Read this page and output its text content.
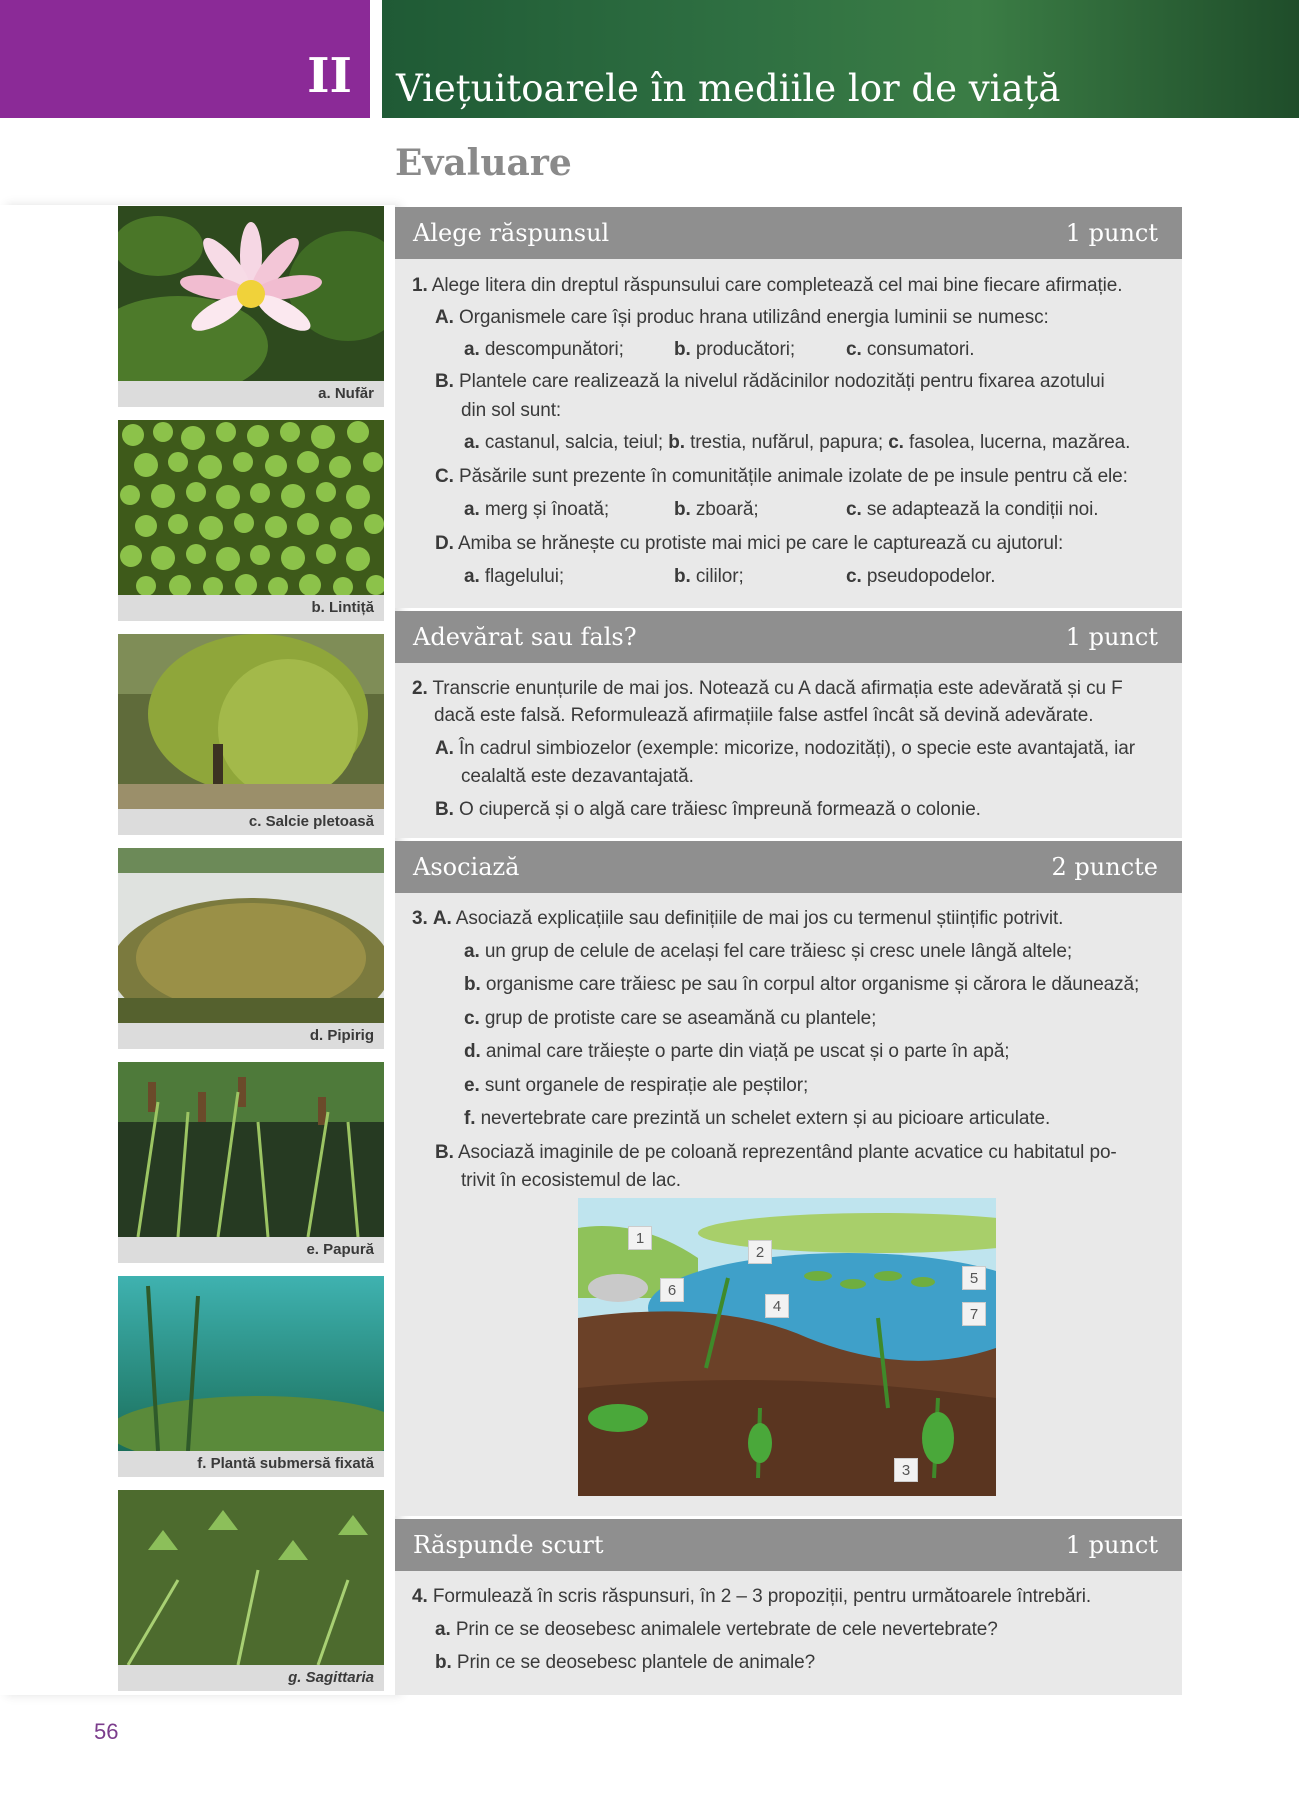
II Viețuitoarele în mediile lor de viață
Evaluare
a. Nufăr
b. Lintiță
c. Salcie pletoasă
d. Pipirig
e. Papură
f. Plantă submersă fixată
g. Sagittaria
Alege răspunsul	1 punct
1. Alege litera din dreptul răspunsului care completează cel mai bine fiecare afirmație.
A. Organismele care își produc hrana utilizând energia luminii se numesc:
a. descompunători;	b. producători;	c. consumatori.
B. Plantele care realizează la nivelul rădăcinilor nodozități pentru fixarea azotului
din sol sunt:
a. castanul, salcia, teiul; b. trestia, nufărul, papura; c. fasolea, lucerna, mazărea.
C. Păsările sunt prezente în comunitățile animale izolate de pe insule pentru că ele:
a. merg și înoată;	b. zboară;	c. se adaptează la condiții noi.
D. Amiba se hrănește cu protiste mai mici pe care le capturează cu ajutorul:
a. flagelului;	b. cililor;	c. pseudopodelor.
Adevărat sau fals?	1 punct
2. Transcrie enunțurile de mai jos. Notează cu A dacă afirmația este adevărată și cu F
dacă este falsă. Reformulează afirmațiile false astfel încât să devină adevărate.
A. În cadrul simbiozelor (exemple: micorize, nodozități), o specie este avantajată, iar
cealaltă este dezavantajată.
B. O ciupercă și o algă care trăiesc împreună formează o colonie.
Asociază	2 puncte
3. A. Asociază explicațiile sau definițiile de mai jos cu termenul științific potrivit.
a. un grup de celule de același fel care trăiesc și cresc unele lângă altele;
b. organisme care trăiesc pe sau în corpul altor organisme și cărora le dăunează;
c. grup de protiste care se aseamănă cu plantele;
d. animal care trăiește o parte din viață pe uscat și o parte în apă;
e. sunt organele de respirație ale peștilor;
f. nevertebrate care prezintă un schelet extern și au picioare articulate.
B. Asociază imaginile de pe coloană reprezentând plante acvatice cu habitatul po-
trivit în ecosistemul de lac.
1
2
3
4
5
6
7
Răspunde scurt	1 punct
4. Formulează în scris răspunsuri, în 2 – 3 propoziții, pentru următoarele întrebări.
a. Prin ce se deosebesc animalele vertebrate de cele nevertebrate?
b. Prin ce se deosebesc plantele de animale?
56
